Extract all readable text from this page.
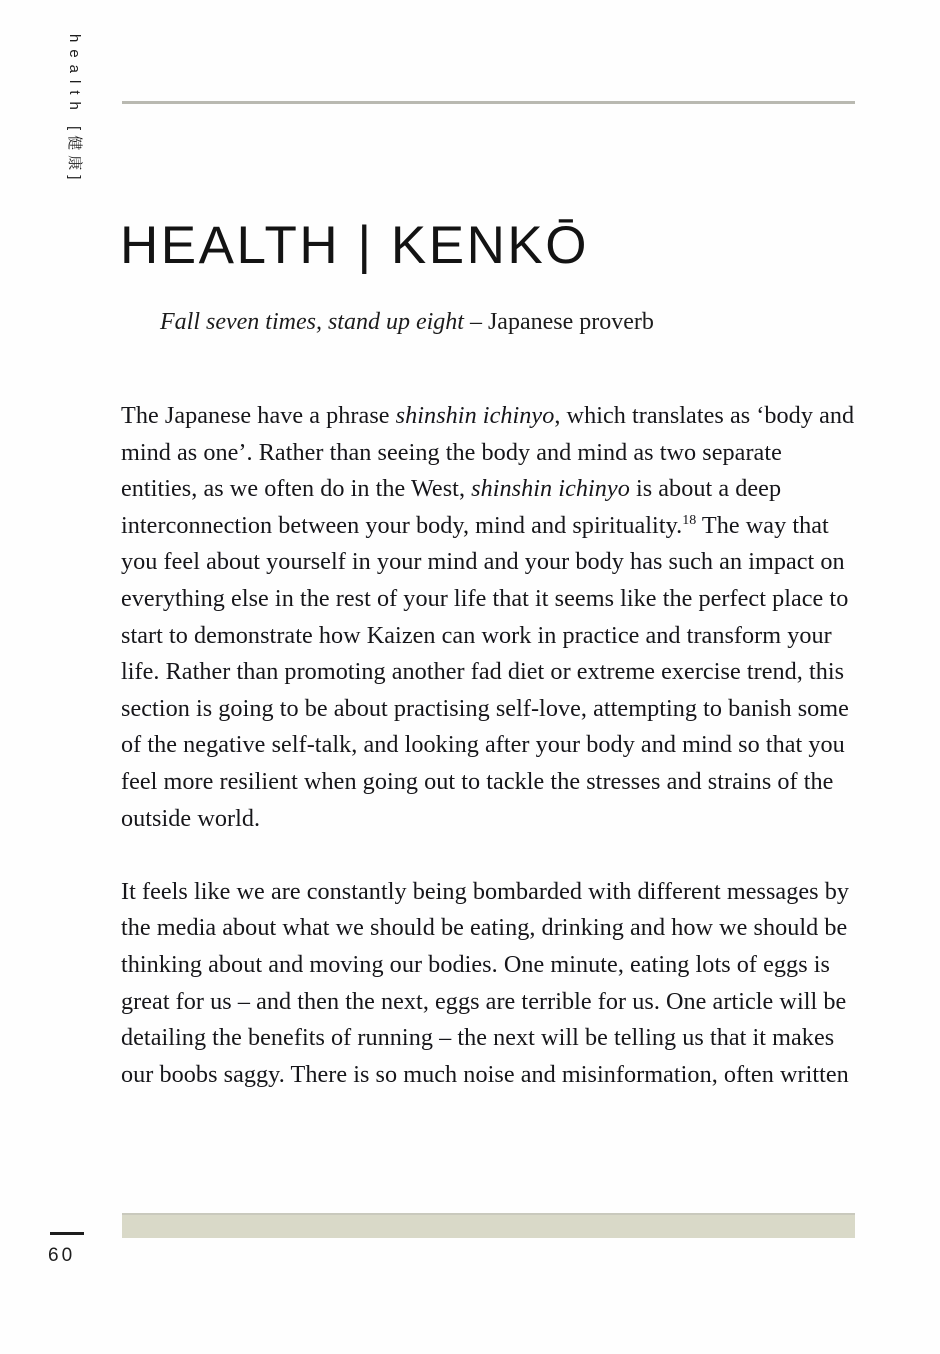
health [健康]
HEALTH | KENKŌ
Fall seven times, stand up eight – Japanese proverb

The Japanese have a phrase shinshin ichinyo, which translates as ‘body and mind as one’. Rather than seeing the body and mind as two separate entities, as we often do in the West, shinshin ichinyo is about a deep interconnection between your body, mind and spirituality.$^{18}$ The way that you feel about yourself in your mind and your body has such an impact on everything else in the rest of your life that it seems like the perfect place to start to demonstrate how Kaizen can work in practice and transform your life. Rather than promoting another fad diet or extreme exercise trend, this section is going to be about practising self-love, attempting to banish some of the negative self-talk, and looking after your body and mind so that you feel more resilient when going out to tackle the stresses and strains of the outside world.

It feels like we are constantly being bombarded with different messages by the media about what we should be eating, drinking and how we should be thinking about and moving our bodies. One minute, eating lots of eggs is great for us – and then the next, eggs are terrible for us. One article will be detailing the benefits of running – the next will be telling us that it makes our boobs saggy. There is so much noise and misinformation, often written

60
